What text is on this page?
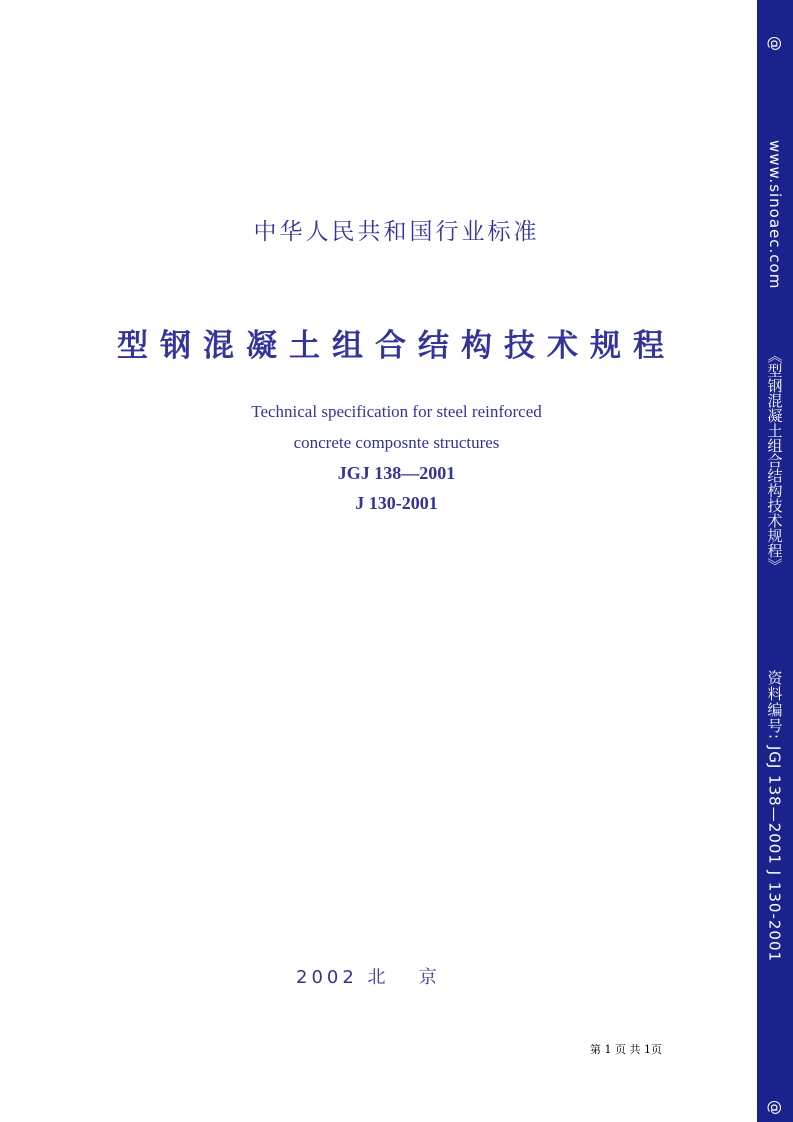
中华人民共和国行业标准
型钢混凝土组合结构技术规程
Technical specification for steel reinforced
concrete composnte structures
JGJ 138—2001
J 130-2001
2002 北   京
第 1 页 共 1页
@
www.sinoaec.com
《型钢混凝土组合结构技术规程》
资料编号: JGJ 138—2001 J 130-2001
@
